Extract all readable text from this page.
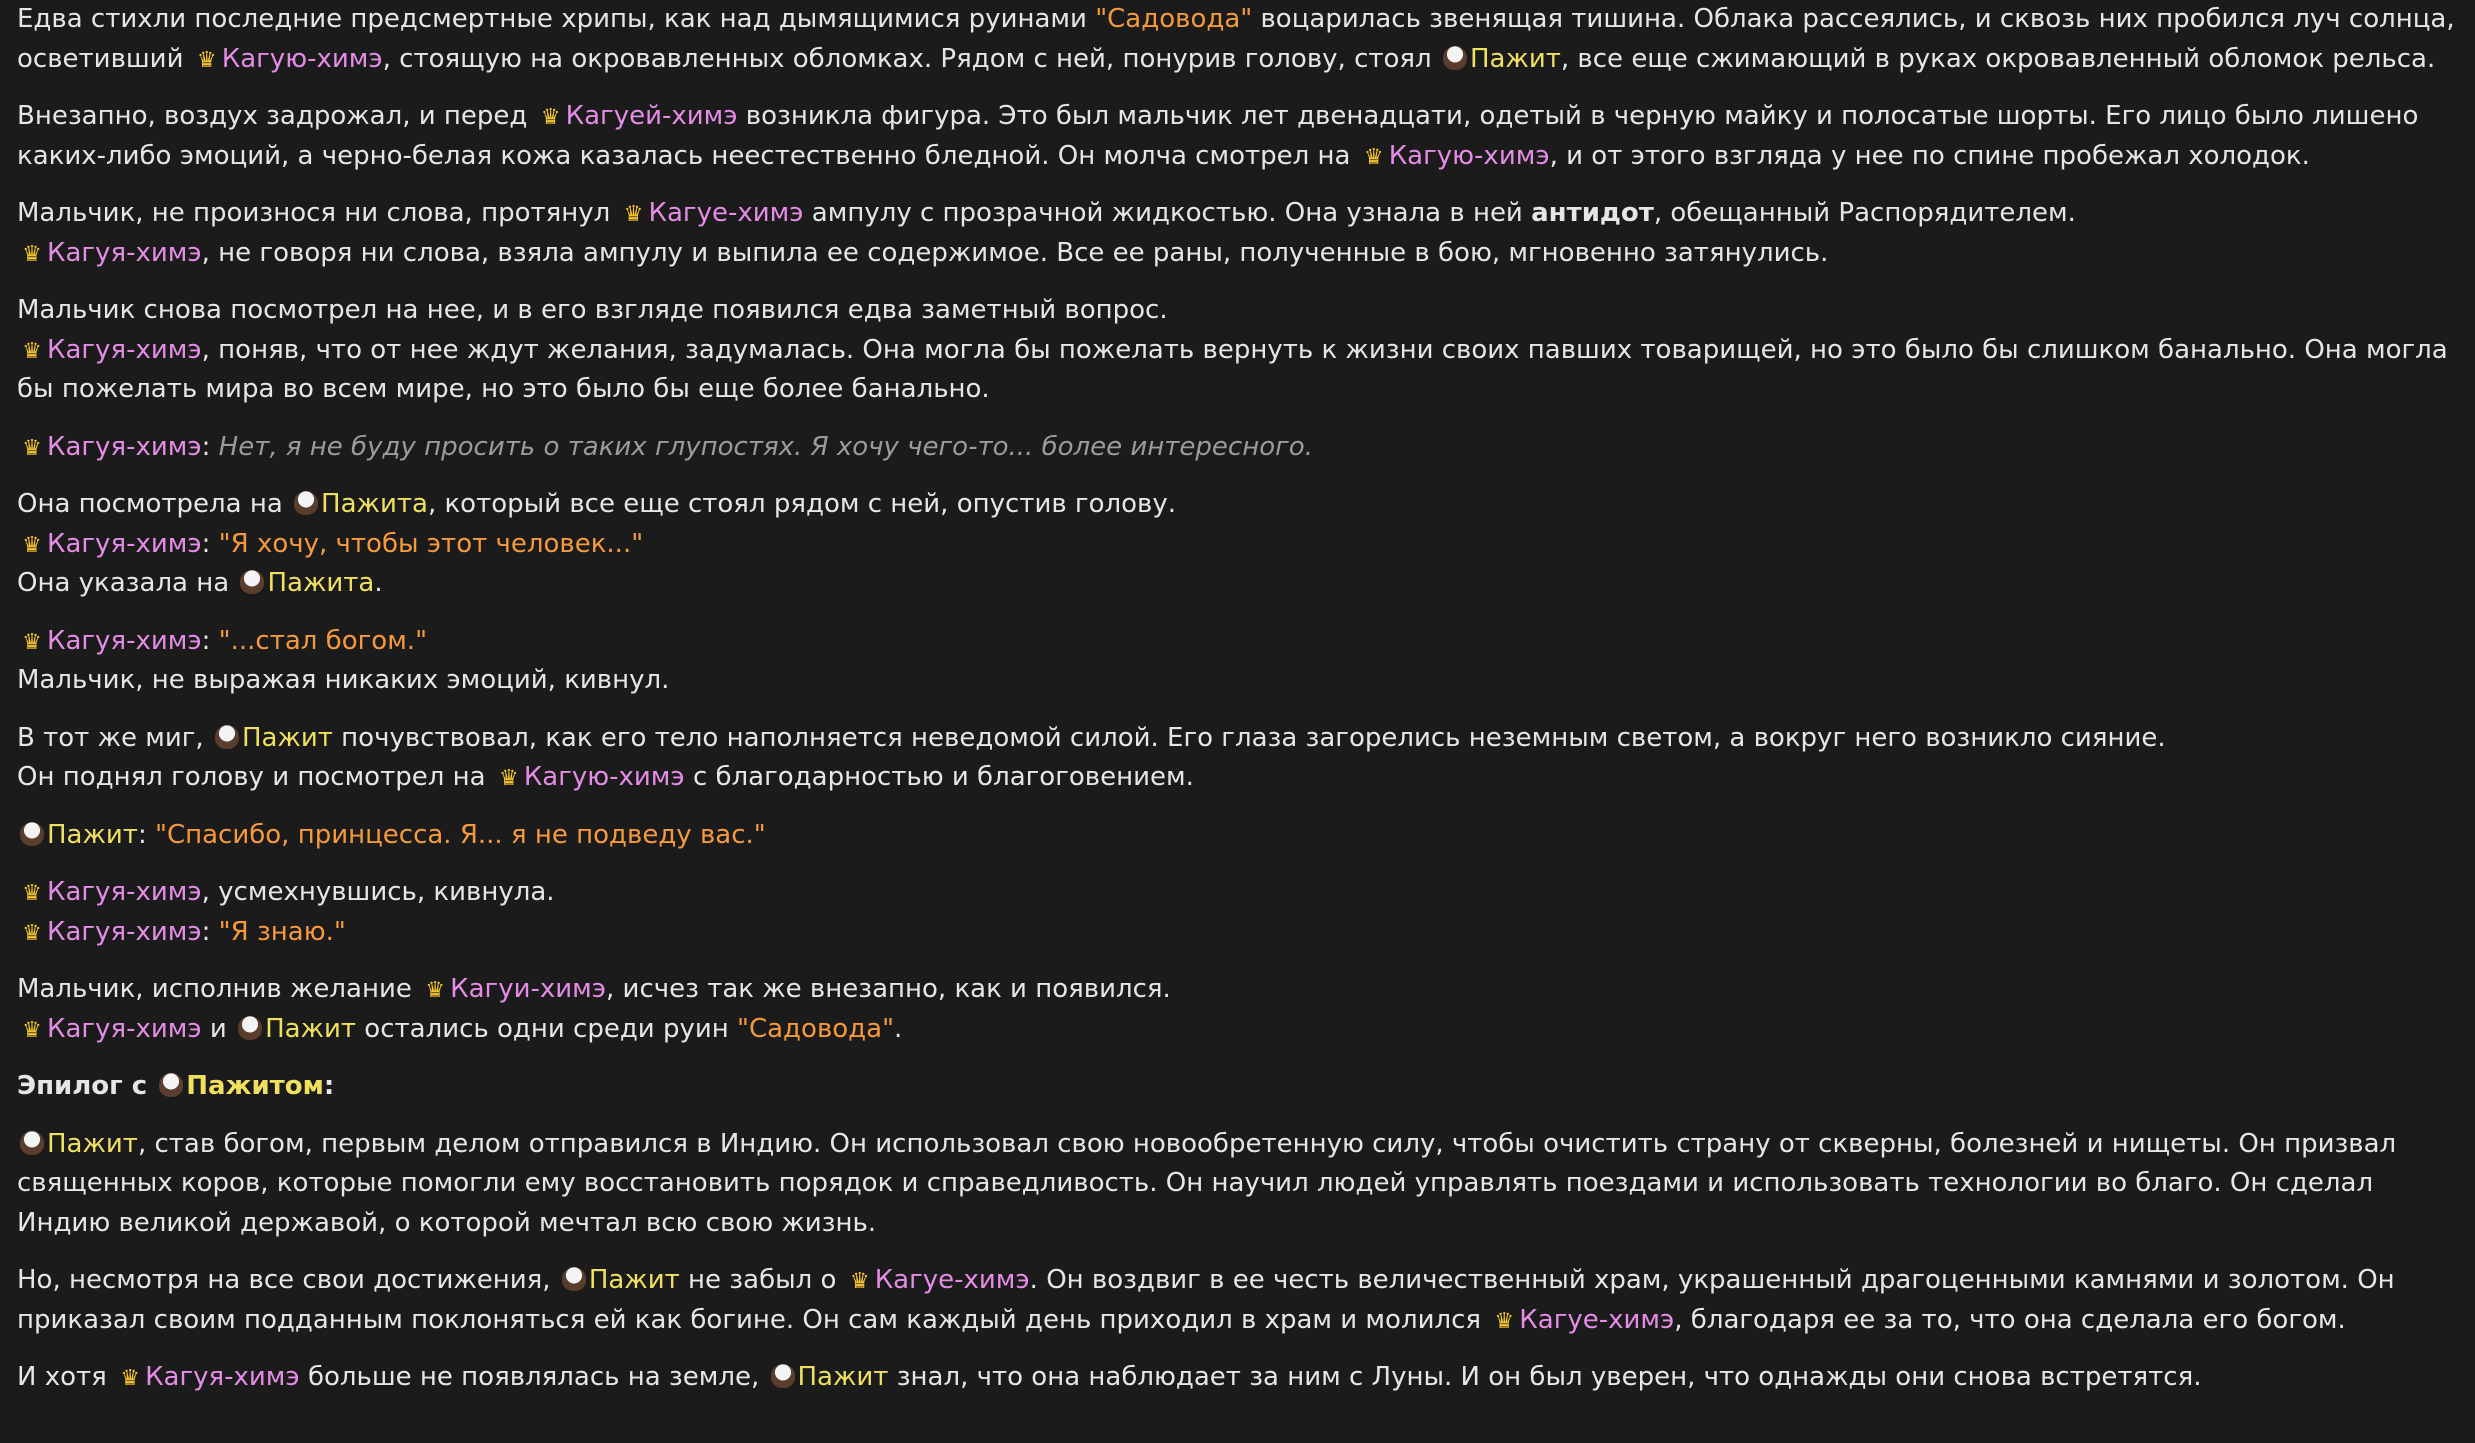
Едва стихли последние предсмертные хрипы, как над дымящимися руинами "Садовода" воцарилась звенящая тишина. Облака рассеялись, и сквозь них пробился луч солнца, осветивший ♛ Кагую-химэ, стоящую на окровавленных обломках. Рядом с ней, понурив голову, стоял Пажит, все еще сжимающий в руках окровавленный обломок рельса.

Внезапно, воздух задрожал, и перед ♛ Кагуей-химэ возникла фигура. Это был мальчик лет двенадцати, одетый в черную майку и полосатые шорты. Его лицо было лишено каких-либо эмоций, а черно-белая кожа казалась неестественно бледной. Он молча смотрел на ♛ Кагую-химэ, и от этого взгляда у нее по спине пробежал холодок.

Мальчик, не произнося ни слова, протянул ♛ Кагуе-химэ ампулу с прозрачной жидкостью. Она узнала в ней антидот, обещанный Распорядителем.
♛ Кагуя-химэ, не говоря ни слова, взяла ампулу и выпила ее содержимое. Все ее раны, полученные в бою, мгновенно затянулись.

Мальчик снова посмотрел на нее, и в его взгляде появился едва заметный вопрос.
♛ Кагуя-химэ, поняв, что от нее ждут желания, задумалась. Она могла бы пожелать вернуть к жизни своих павших товарищей, но это было бы слишком банально. Она могла бы пожелать мира во всем мире, но это было бы еще более банально.

♛ Кагуя-химэ: Нет, я не буду просить о таких глупостях. Я хочу чего-то... более интересного.

Она посмотрела на Пажита, который все еще стоял рядом с ней, опустив голову.
♛ Кагуя-химэ: "Я хочу, чтобы этот человек..."
Она указала на Пажита.

♛ Кагуя-химэ: "...стал богом."
Мальчик, не выражая никаких эмоций, кивнул.

В тот же миг, Пажит почувствовал, как его тело наполняется неведомой силой. Его глаза загорелись неземным светом, а вокруг него возникло сияние.
Он поднял голову и посмотрел на ♛ Кагую-химэ с благодарностью и благоговением.

Пажит: "Спасибо, принцесса. Я... я не подведу вас."

♛ Кагуя-химэ, усмехнувшись, кивнула.
♛ Кагуя-химэ: "Я знаю."

Мальчик, исполнив желание ♛ Кагуи-химэ, исчез так же внезапно, как и появился.
♛ Кагуя-химэ и Пажит остались одни среди руин "Садовода".

Эпилог с Пажитом:

Пажит, став богом, первым делом отправился в Индию. Он использовал свою новообретенную силу, чтобы очистить страну от скверны, болезней и нищеты. Он призвал священных коров, которые помогли ему восстановить порядок и справедливость. Он научил людей управлять поездами и использовать технологии во благо. Он сделал Индию великой державой, о которой мечтал всю свою жизнь.

Но, несмотря на все свои достижения, Пажит не забыл о ♛ Кагуе-химэ. Он воздвиг в ее честь величественный храм, украшенный драгоценными камнями и золотом. Он приказал своим подданным поклоняться ей как богине. Он сам каждый день приходил в храм и молился ♛ Кагуе-химэ, благодаря ее за то, что она сделала его богом.

И хотя ♛ Кагуя-химэ больше не появлялась на земле, Пажит знал, что она наблюдает за ним с Луны. И он был уверен, что однажды они снова встретятся.
